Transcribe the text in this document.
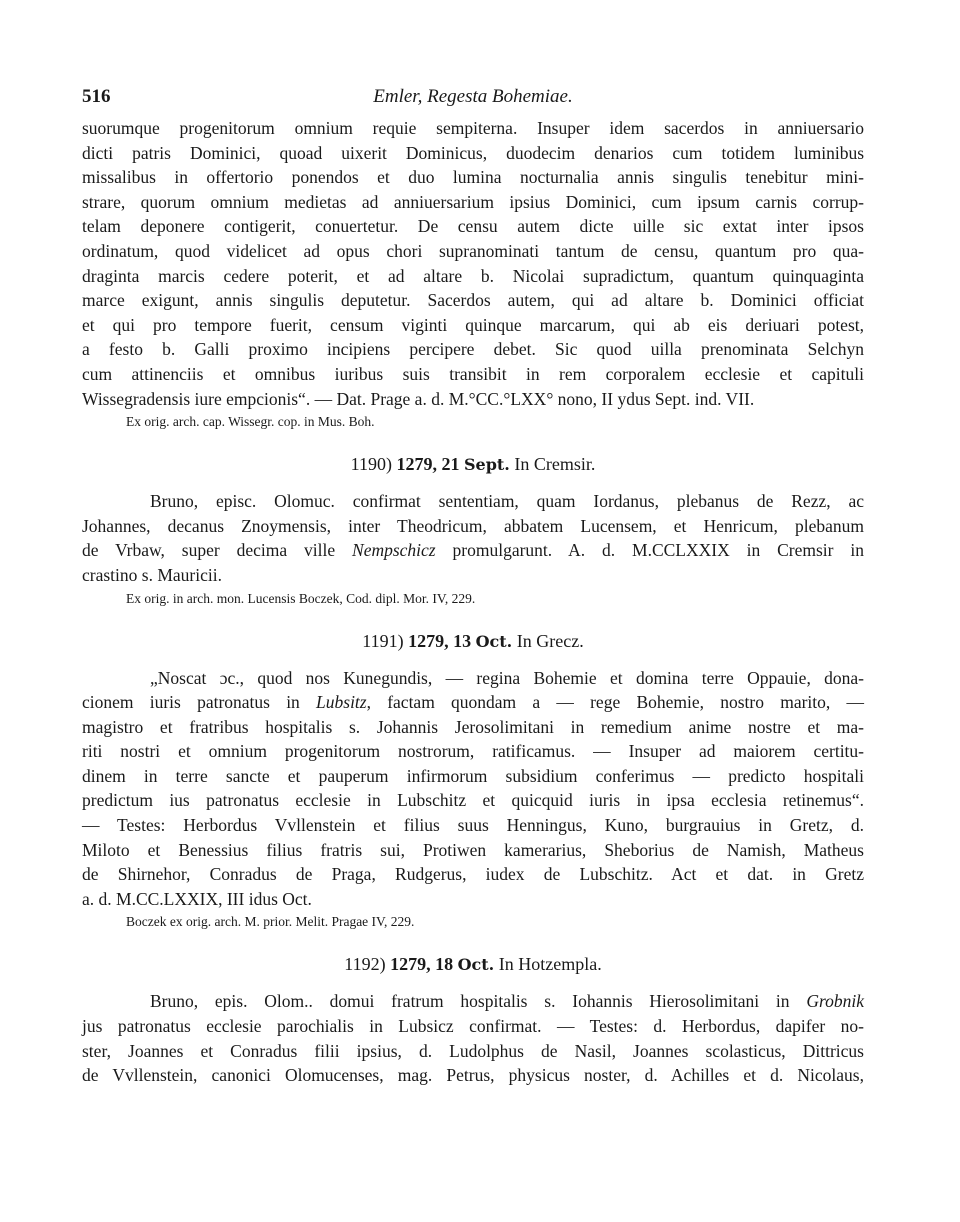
516	Emler, Regesta Bohemiae.
suorumque progenitorum omnium requie sempiterna. Insuper idem sacerdos in anniuersario
dicti patris Dominici, quoad uixerit Dominicus, duodecim denarios cum totidem luminibus
missalibus in offertorio ponendos et duo lumina nocturnalia annis singulis tenebitur mini-
strare, quorum omnium medietas ad anniuersarium ipsius Dominici, cum ipsum carnis corrup-
telam deponere contigerit, conuertetur. De censu autem dicte uille sic extat inter ipsos
ordinatum, quod videlicet ad opus chori supranominati tantum de censu, quantum pro qua-
draginta marcis cedere poterit, et ad altare b. Nicolai supradictum, quantum quinquaginta
marce exigunt, annis singulis deputetur. Sacerdos autem, qui ad altare b. Dominici officiat
et qui pro tempore fuerit, censum viginti quinque marcarum, qui ab eis deriuari potest,
a festo b. Galli proximo incipiens percipere debet. Sic quod uilla prenominata Selchyn
cum attinenciis et omnibus iuribus suis transibit in rem corporalem ecclesie et capituli
Wissegradensis iure empcionis“. — Dat. Prage a. d. M.°CC.°LXX° nono, II ydus Sept. ind. VII.
Ex orig. arch. cap. Wissegr. cop. in Mus. Boh.
1190) 1279, 21 Sept. In Cremsir.
Bruno, episc. Olomuc. confirmat sententiam, quam Iordanus, plebanus de Rezz, ac
Johannes, decanus Znoymensis, inter Theodricum, abbatem Lucensem, et Henricum, plebanum
de Vrbaw, super decima ville Nempschicz promulgarunt. A. d. M.CCLXXIX in Cremsir in
crastino s. Mauricii.
Ex orig. in arch. mon. Lucensis Boczek, Cod. dipl. Mor. IV, 229.
1191) 1279, 13 Oct. In Grecz.
„Noscat ɔc., quod nos Kunegundis, — regina Bohemie et domina terre Oppauie, dona-
cionem iuris patronatus in Lubsitz, factam quondam a — rege Bohemie, nostro marito, —
magistro et fratribus hospitalis s. Johannis Jerosolimitani in remedium anime nostre et ma-
riti nostri et omnium progenitorum nostrorum, ratificamus. — Insuper ad maiorem certitu-
dinem in terre sancte et pauperum infirmorum subsidium conferimus — predicto hospitali
predictum ius patronatus ecclesie in Lubschitz et quicquid iuris in ipsa ecclesia retinemus“.
— Testes: Herbordus Vvllenstein et filius suus Henningus, Kuno, burgrauius in Gretz, d.
Miloto et Benessius filius fratris sui, Protiwen kamerarius, Sheborius de Namish, Matheus
de Shirnehor, Conradus de Praga, Rudgerus, iudex de Lubschitz. Act et dat. in Gretz
a. d. M.CC.LXXIX, III idus Oct.
Boczek ex orig. arch. M. prior. Melit. Pragae IV, 229.
1192) 1279, 18 Oct. In Hotzempla.
Bruno, epis. Olom.. domui fratrum hospitalis s. Iohannis Hierosolimitani in Grobnik
jus patronatus ecclesie parochialis in Lubsicz confirmat. — Testes: d. Herbordus, dapifer no-
ster, Joannes et Conradus filii ipsius, d. Ludolphus de Nasil, Joannes scolasticus, Dittricus
de Vvllenstein, canonici Olomucenses, mag. Petrus, physicus noster, d. Achilles et d. Nicolaus,
